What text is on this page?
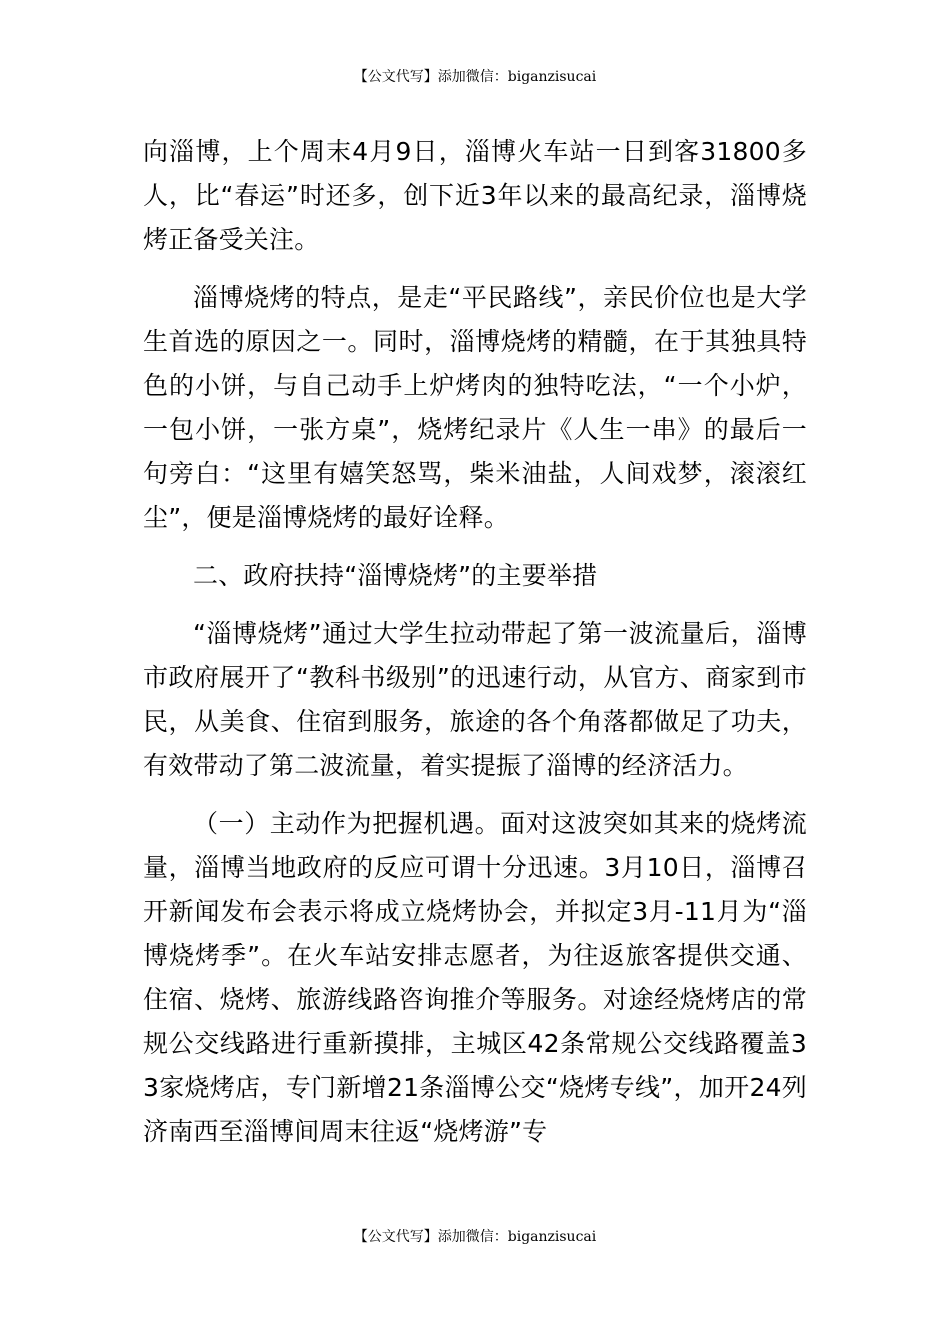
【公文代写】添加微信：biganzisucai

向淄博，上个周末4月9日，淄博火车站一日到客31800多人，比“春运”时还多，创下近3年以来的最高纪录，淄博烧烤正备受关注。

淄博烧烤的特点，是走“平民路线”，亲民价位也是大学生首选的原因之一。同时，淄博烧烤的精髓，在于其独具特色的小饼，与自己动手上炉烤肉的独特吃法，“一个小炉，一包小饼，一张方桌”，烧烤纪录片《人生一串》的最后一句旁白：“这里有嬉笑怒骂，柴米油盐，人间戏梦，滚滚红尘”，便是淄博烧烤的最好诠释。

二、政府扶持“淄博烧烤”的主要举措

“淄博烧烤”通过大学生拉动带起了第一波流量后，淄博市政府展开了“教科书级别”的迅速行动，从官方、商家到市民，从美食、住宿到服务，旅途的各个角落都做足了功夫，有效带动了第二波流量，着实提振了淄博的经济活力。

（一）主动作为把握机遇。面对这波突如其来的烧烤流量，淄博当地政府的反应可谓十分迅速。3月10日，淄博召开新闻发布会表示将成立烧烤协会，并拟定3月-11月为“淄博烧烤季”。在火车站安排志愿者，为往返旅客提供交通、住宿、烧烤、旅游线路咨询推介等服务。对途经烧烤店的常规公交线路进行重新摸排，主城区42条常规公交线路覆盖33家烧烤店，专门新增21条淄博公交“烧烤专线”，加开24列济南西至淄博间周末往返“烧烤游”专

【公文代写】添加微信：biganzisucai
